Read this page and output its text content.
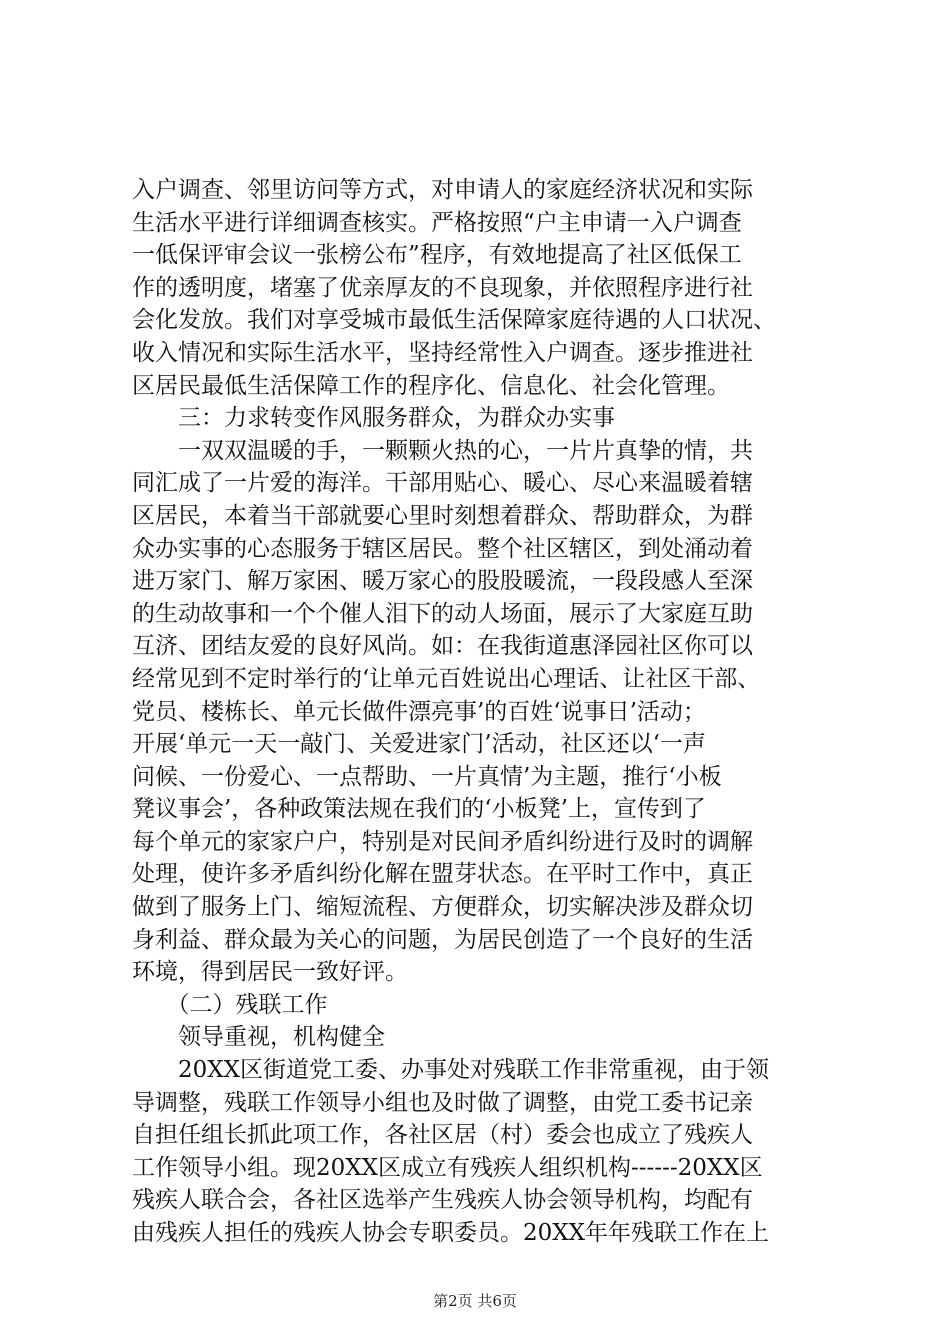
入户调查、邻里访问等方式，对申请人的家庭经济状况和实际
生活水平进行详细调查核实。严格按照“户主申请一入户调查
一低保评审会议一张榜公布”程序，有效地提高了社区低保工
作的透明度，堵塞了优亲厚友的不良现象，并依照程序进行社
会化发放。我们对享受城市最低生活保障家庭待遇的人口状况、
收入情况和实际生活水平，坚持经常性入户调查。逐步推进社
区居民最低生活保障工作的程序化、信息化、社会化管理。
　　三：力求转变作风服务群众，为群众办实事
　　一双双温暖的手，一颗颗火热的心，一片片真挚的情，共
同汇成了一片爱的海洋。干部用贴心、暖心、尽心来温暖着辖
区居民，本着当干部就要心里时刻想着群众、帮助群众，为群
众办实事的心态服务于辖区居民。整个社区辖区，到处涌动着
进万家门、解万家困、暖万家心的股股暖流，一段段感人至深
的生动故事和一个个催人泪下的动人场面，展示了大家庭互助
互济、团结友爱的良好风尚。如：在我街道惠泽园社区你可以
经常见到不定时举行的‘让单元百姓说出心理话、让社区干部、
党员、楼栋长、单元长做件漂亮事’的百姓‘说事日’活动；
开展‘单元一天一敲门、关爱进家门’活动，社区还以‘一声
问候、一份爱心、一点帮助、一片真情’为主题，推行‘小板
凳议事会’，各种政策法规在我们的‘小板凳’上，宣传到了
每个单元的家家户户，特别是对民间矛盾纠纷进行及时的调解
处理，使许多矛盾纠纷化解在盟芽状态。在平时工作中，真正
做到了服务上门、缩短流程、方便群众，切实解决涉及群众切
身利益、群众最为关心的问题，为居民创造了一个良好的生活
环境，得到居民一致好评。
　　（二）残联工作
　　领导重视，机构健全
　　20XX区街道党工委、办事处对残联工作非常重视，由于领
导调整，残联工作领导小组也及时做了调整，由党工委书记亲
自担任组长抓此项工作，各社区居（村）委会也成立了残疾人
工作领导小组。现20XX区成立有残疾人组织机构------20XX区
残疾人联合会，各社区选举产生残疾人协会领导机构，均配有
由残疾人担任的残疾人协会专职委员。20XX年年残联工作在上
第2页 共6页
